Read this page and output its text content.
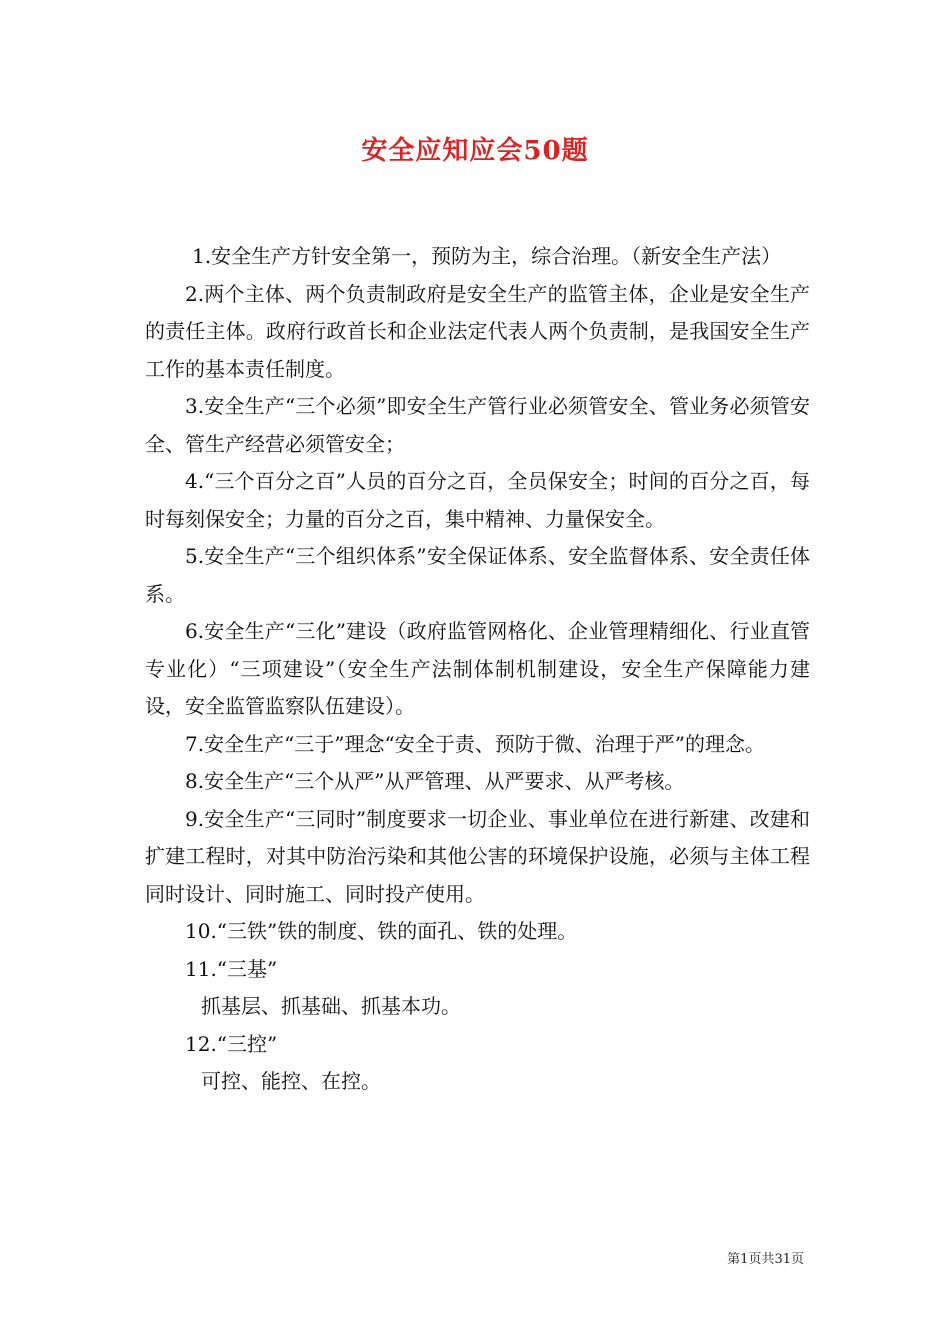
安全应知应会50题

1.安全生产方针安全第一，预防为主，综合治理。（新安全生产法）

2.两个主体、两个负责制政府是安全生产的监管主体，企业是安全生产的责任主体。政府行政首长和企业法定代表人两个负责制，是我国安全生产工作的基本责任制度。

3.安全生产“三个必须”即安全生产管行业必须管安全、管业务必须管安全、管生产经营必须管安全；

4.“三个百分之百”人员的百分之百，全员保安全；时间的百分之百，每时每刻保安全；力量的百分之百，集中精神、力量保安全。

5.安全生产“三个组织体系”安全保证体系、安全监督体系、安全责任体系。

6.安全生产“三化”建设（政府监管网格化、企业管理精细化、行业直管专业化）“三项建设”（安全生产法制体制机制建设，安全生产保障能力建设，安全监管监察队伍建设）。

7.安全生产“三于”理念“安全于责、预防于微、治理于严”的理念。

8.安全生产“三个从严”从严管理、从严要求、从严考核。

9.安全生产“三同时”制度要求一切企业、事业单位在进行新建、改建和扩建工程时，对其中防治污染和其他公害的环境保护设施，必须与主体工程同时设计、同时施工、同时投产使用。

10.“三铁”铁的制度、铁的面孔、铁的处理。

11.“三基”

抓基层、抓基础、抓基本功。

12.“三控”

可控、能控、在控。

第1页共31页
